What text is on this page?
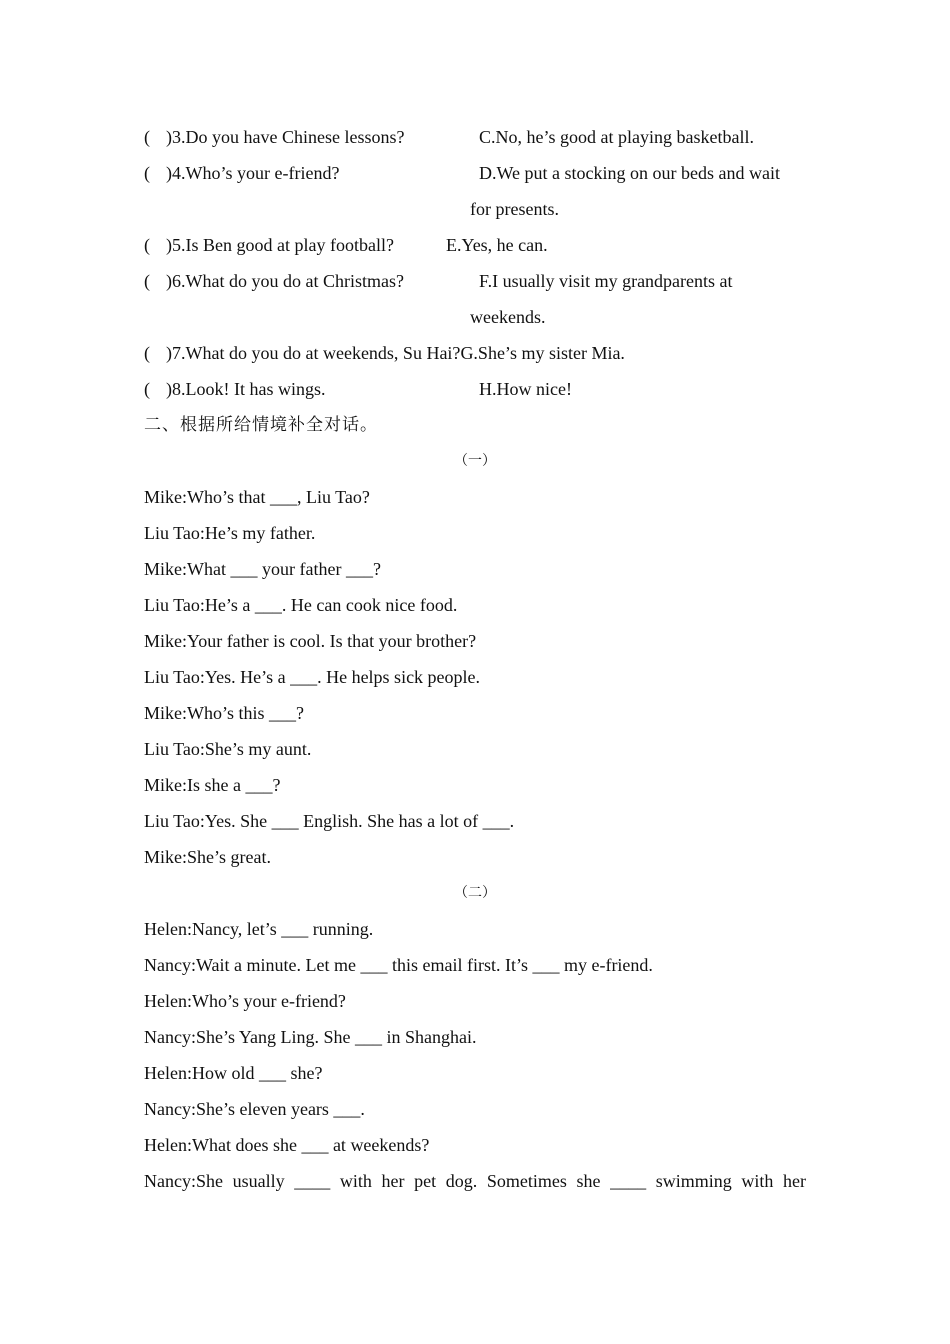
( )3.Do you have Chinese lessons?	C.No, he’s good at playing basketball.
( )4.Who’s your e-friend?	D.We put a stocking on our beds and wait
for presents.
( )5.Is Ben good at play football?	E.Yes, he can.
( )6.What do you do at Christmas?	F.I usually visit my grandparents at
weekends.
( )7.What do you do at weekends, Su Hai?G.She’s my sister Mia.
( )8.Look! It has wings.	H.How nice!
二、根据所给情境补全对话。
（一）
Mike:Who’s that ___, Liu Tao?
Liu Tao:He’s my father.
Mike:What ___ your father ___?
Liu Tao:He’s a ___. He can cook nice food.
Mike:Your father is cool. Is that your brother?
Liu Tao:Yes. He’s a ___. He helps sick people.
Mike:Who’s this ___?
Liu Tao:She’s my aunt.
Mike:Is she a ___?
Liu Tao:Yes. She ___ English. She has a lot of ___.
Mike:She’s great.
（二）
Helen:Nancy, let’s ___ running.
Nancy:Wait a minute. Let me ___ this email first. It’s ___ my e-friend.
Helen:Who’s your e-friend?
Nancy:She’s Yang Ling. She ___ in Shanghai.
Helen:How old ___ she?
Nancy:She’s eleven years ___.
Helen:What does she ___ at weekends?
Nancy:She usually ____ with her pet dog. Sometimes she ____ swimming with her
